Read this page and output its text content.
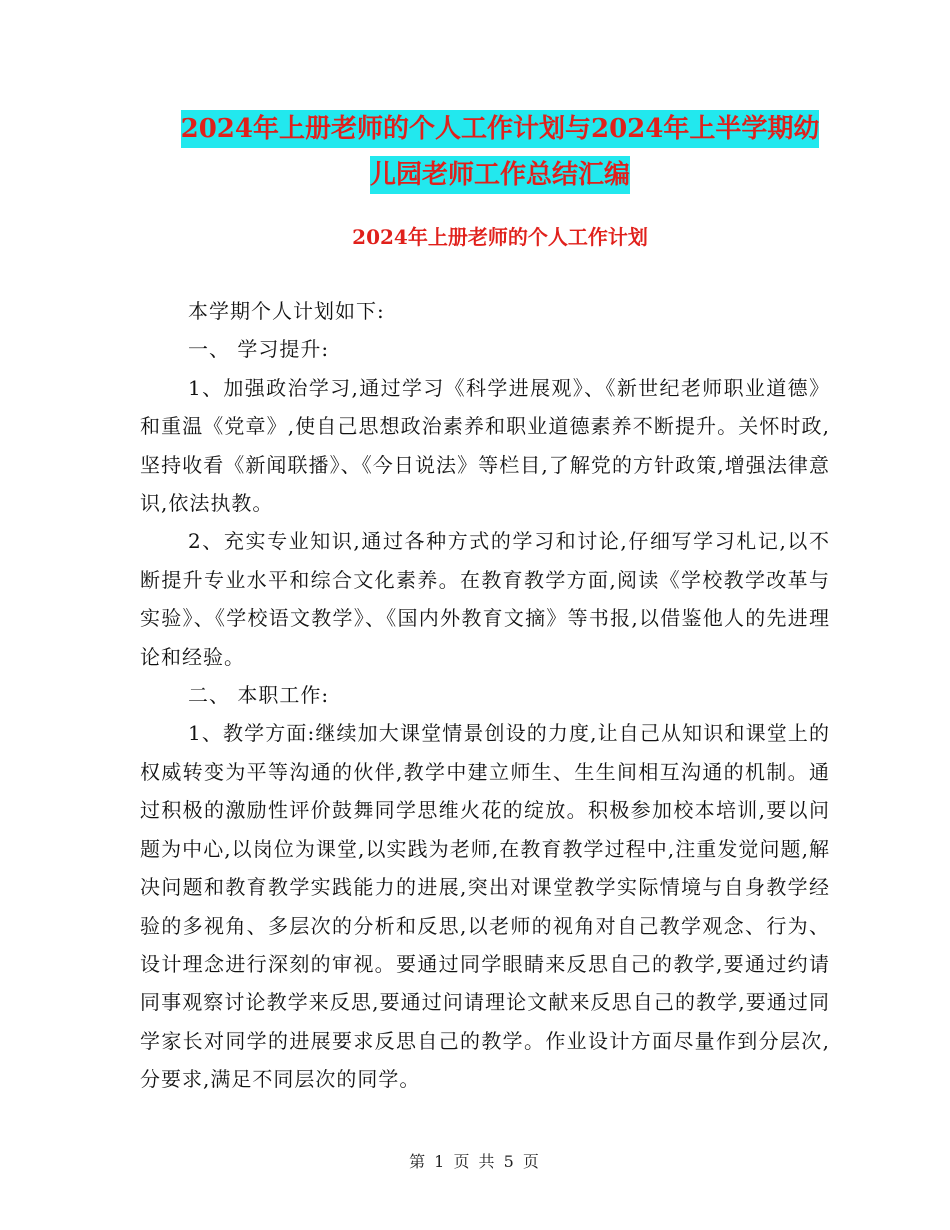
2024年上册老师的个人工作计划与2024年上半学期幼
儿园老师工作总结汇编
2024年上册老师的个人工作计划

本学期个人计划如下:

一、 学习提升:

1、加强政治学习,通过学习《科学进展观》、《新世纪老师职业道德》和重温《党章》,使自己思想政治素养和职业道德素养不断提升。关怀时政,坚持收看《新闻联播》、《今日说法》等栏目,了解党的方针政策,增强法律意识,依法执教。

2、充实专业知识,通过各种方式的学习和讨论,仔细写学习札记,以不断提升专业水平和综合文化素养。在教育教学方面,阅读《学校教学改革与实验》、《学校语文教学》、《国内外教育文摘》等书报,以借鉴他人的先进理论和经验。

二、 本职工作:

1、教学方面:继续加大课堂情景创设的力度,让自己从知识和课堂上的权威转变为平等沟通的伙伴,教学中建立师生、生生间相互沟通的机制。通过积极的激励性评价鼓舞同学思维火花的绽放。积极参加校本培训,要以问题为中心,以岗位为课堂,以实践为老师,在教育教学过程中,注重发觉问题,解决问题和教育教学实践能力的进展,突出对课堂教学实际情境与自身教学经验的多视角、多层次的分析和反思,以老师的视角对自己教学观念、行为、设计理念进行深刻的审视。要通过同学眼睛来反思自己的教学,要通过约请同事观察讨论教学来反思,要通过问请理论文献来反思自己的教学,要通过同学家长对同学的进展要求反思自己的教学。作业设计方面尽量作到分层次,分要求,满足不同层次的同学。

第 1 页 共 5 页
